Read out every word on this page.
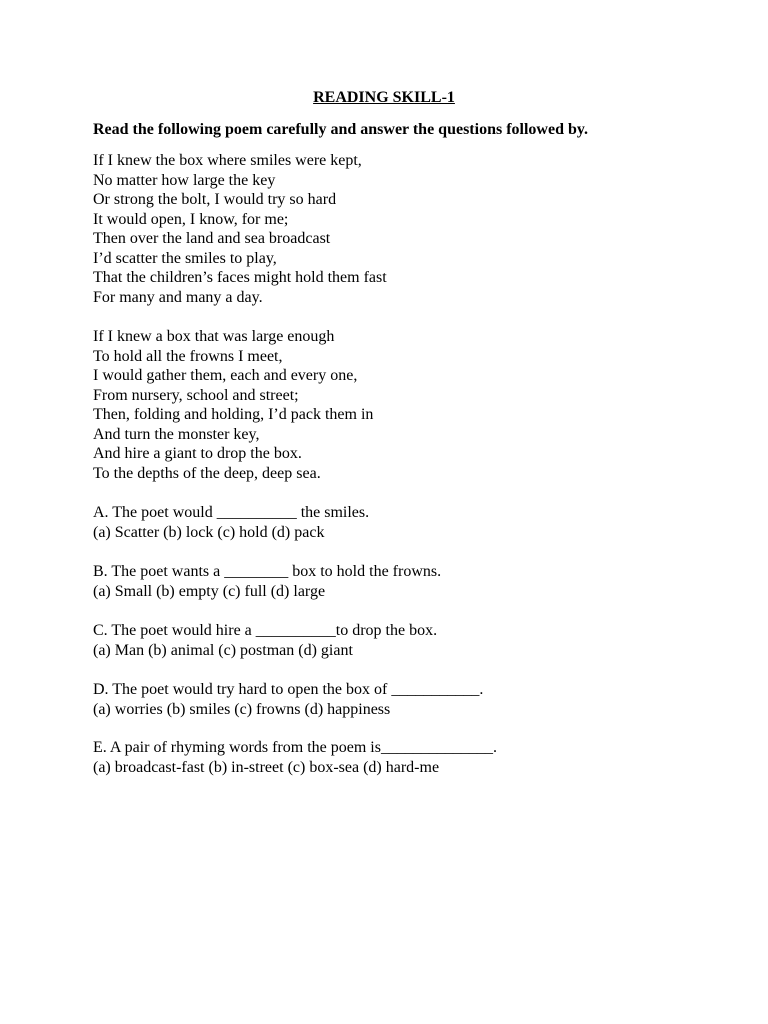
READING SKILL-1

Read the following poem carefully and answer the questions followed by.

If I knew the box where smiles were kept,
No matter how large the key
Or strong the bolt, I would try so hard
It would open, I know, for me;
Then over the land and sea broadcast
I’d scatter the smiles to play,
That the children’s faces might hold them fast
For many and many a day.
If I knew a box that was large enough
To hold all the frowns I meet,
I would gather them, each and every one,
From nursery, school and street;
Then, folding and holding, I’d pack them in
And turn the monster key,
And hire a giant to drop the box.
To the depths of the deep, deep sea.
A. The poet would __________ the smiles.
(a) Scatter (b) lock (c) hold (d) pack
B. The poet wants a ________ box to hold the frowns.
(a) Small (b) empty (c) full (d) large
C. The poet would hire a __________to drop the box.
(a) Man (b) animal (c) postman (d) giant
D. The poet would try hard to open the box of ___________.
(a) worries (b) smiles (c) frowns (d) happiness
E. A pair of rhyming words from the poem is______________.
(a) broadcast-fast (b) in-street (c) box-sea (d) hard-me
